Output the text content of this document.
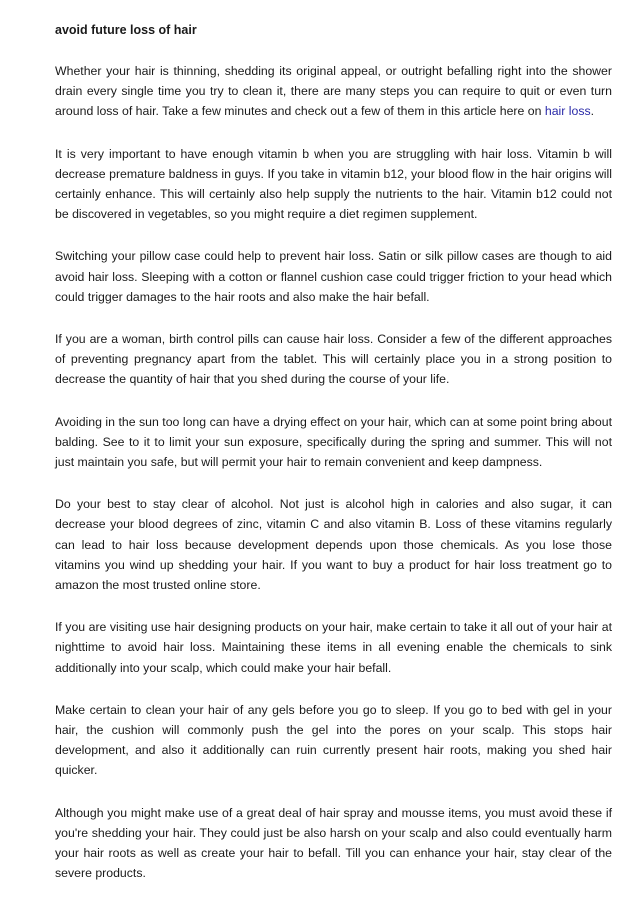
avoid future loss of hair

Whether your hair is thinning, shedding its original appeal, or outright befalling right into the shower drain every single time you try to clean it, there are many steps you can require to quit or even turn around loss of hair. Take a few minutes and check out a few of them in this article here on hair loss.

It is very important to have enough vitamin b when you are struggling with hair loss. Vitamin b will decrease premature baldness in guys. If you take in vitamin b12, your blood flow in the hair origins will certainly enhance. This will certainly also help supply the nutrients to the hair. Vitamin b12 could not be discovered in vegetables, so you might require a diet regimen supplement.

Switching your pillow case could help to prevent hair loss. Satin or silk pillow cases are though to aid avoid hair loss. Sleeping with a cotton or flannel cushion case could trigger friction to your head which could trigger damages to the hair roots and also make the hair befall.

If you are a woman, birth control pills can cause hair loss. Consider a few of the different approaches of preventing pregnancy apart from the tablet. This will certainly place you in a strong position to decrease the quantity of hair that you shed during the course of your life.

Avoiding in the sun too long can have a drying effect on your hair, which can at some point bring about balding. See to it to limit your sun exposure, specifically during the spring and summer. This will not just maintain you safe, but will permit your hair to remain convenient and keep dampness.

Do your best to stay clear of alcohol. Not just is alcohol high in calories and also sugar, it can decrease your blood degrees of zinc, vitamin C and also vitamin B. Loss of these vitamins regularly can lead to hair loss because development depends upon those chemicals. As you lose those vitamins you wind up shedding your hair. If you want to buy a product for hair loss treatment go to amazon the most trusted online store.

If you are visiting use hair designing products on your hair, make certain to take it all out of your hair at nighttime to avoid hair loss. Maintaining these items in all evening enable the chemicals to sink additionally into your scalp, which could make your hair befall.

Make certain to clean your hair of any gels before you go to sleep. If you go to bed with gel in your hair, the cushion will commonly push the gel into the pores on your scalp. This stops hair development, and also it additionally can ruin currently present hair roots, making you shed hair quicker.

Although you might make use of a great deal of hair spray and mousse items, you must avoid these if you're shedding your hair. They could just be also harsh on your scalp and also could eventually harm your hair roots as well as create your hair to befall. Till you can enhance your hair, stay clear of the severe products.
